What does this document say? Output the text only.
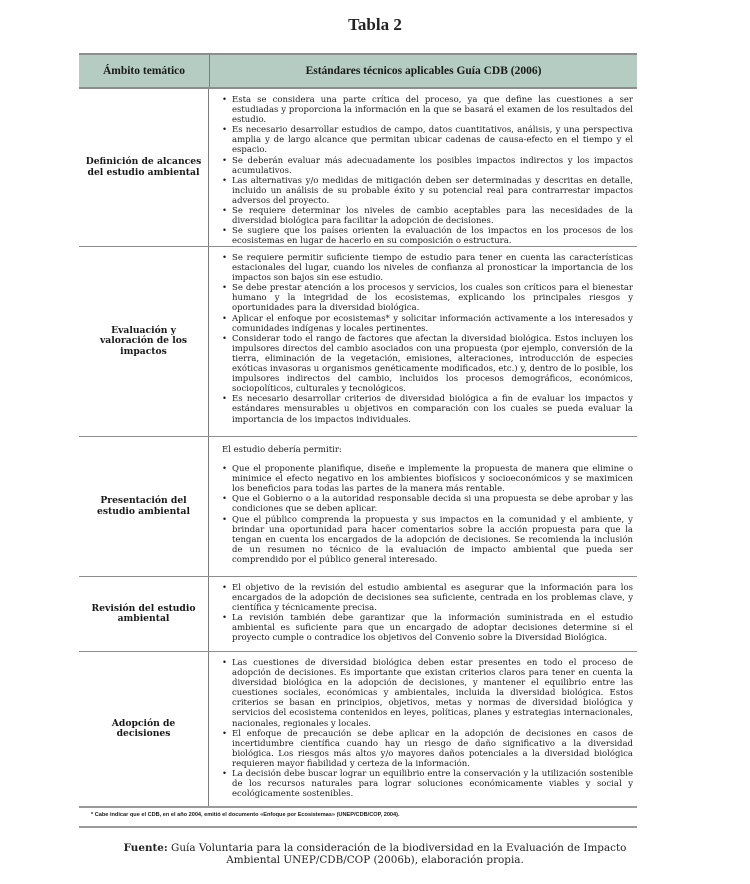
Tabla 2
Ámbito temático	Estándares técnicos aplicables Guía CDB (2006)
Definición de alcances del estudio ambiental
• Esta se considera una parte crítica del proceso, ya que define las cuestiones a ser estudiadas y proporciona la información en la que se basará el examen de los resultados del estudio.
• Es necesario desarrollar estudios de campo, datos cuantitativos, análisis, y una perspectiva amplia y de largo alcance que permitan ubicar cadenas de causa-efecto en el tiempo y el espacio.
• Se deberán evaluar más adecuadamente los posibles impactos indirectos y los impactos acumulativos.
• Las alternativas y/o medidas de mitigación deben ser determinadas y descritas en detalle, incluido un análisis de su probable éxito y su potencial real para contrarrestar impactos adversos del proyecto.
• Se requiere determinar los niveles de cambio aceptables para las necesidades de la diversidad biológica para facilitar la adopción de decisiones.
• Se sugiere que los países orienten la evaluación de los impactos en los procesos de los ecosistemas en lugar de hacerlo en su composición o estructura.
Evaluación y valoración de los impactos
• Se requiere permitir suficiente tiempo de estudio para tener en cuenta las características estacionales del lugar, cuando los niveles de confianza al pronosticar la importancia de los impactos son bajos sin ese estudio.
• Se debe prestar atención a los procesos y servicios, los cuales son críticos para el bienestar humano y la integridad de los ecosistemas, explicando los principales riesgos y oportunidades para la diversidad biológica.
• Aplicar el enfoque por ecosistemas* y solicitar información activamente a los interesados y comunidades indígenas y locales pertinentes.
• Considerar todo el rango de factores que afectan la diversidad biológica. Estos incluyen los impulsores directos del cambio asociados con una propuesta (por ejemplo, conversión de la tierra, eliminación de la vegetación, emisiones, alteraciones, introducción de especies exóticas invasoras u organismos genéticamente modificados, etc.) y, dentro de lo posible, los impulsores indirectos del cambio, incluidos los procesos demográficos, económicos, sociopolíticos, culturales y tecnológicos.
• Es necesario desarrollar criterios de diversidad biológica a fin de evaluar los impactos y estándares mensurables u objetivos en comparación con los cuales se pueda evaluar la importancia de los impactos individuales.
Presentación del estudio ambiental
El estudio debería permitir:
• Que el proponente planifique, diseñe e implemente la propuesta de manera que elimine o minimice el efecto negativo en los ambientes biofísicos y socioeconómicos y se maximicen los beneficios para todas las partes de la manera más rentable.
• Que el Gobierno o a la autoridad responsable decida si una propuesta se debe aprobar y las condiciones que se deben aplicar.
• Que el público comprenda la propuesta y sus impactos en la comunidad y el ambiente, y brindar una oportunidad para hacer comentarios sobre la acción propuesta para que la tengan en cuenta los encargados de la adopción de decisiones. Se recomienda la inclusión de un resumen no técnico de la evaluación de impacto ambiental que pueda ser comprendido por el público general interesado.
Revisión del estudio ambiental
• El objetivo de la revisión del estudio ambiental es asegurar que la información para los encargados de la adopción de decisiones sea suficiente, centrada en los problemas clave, y científica y técnicamente precisa.
• La revisión también debe garantizar que la información suministrada en el estudio ambiental es suficiente para que un encargado de adoptar decisiones determine si el proyecto cumple o contradice los objetivos del Convenio sobre la Diversidad Biológica.
Adopción de decisiones
• Las cuestiones de diversidad biológica deben estar presentes en todo el proceso de adopción de decisiones. Es importante que existan criterios claros para tener en cuenta la diversidad biológica en la adopción de decisiones, y mantener el equilibrio entre las cuestiones sociales, económicas y ambientales, incluida la diversidad biológica. Estos criterios se basan en principios, objetivos, metas y normas de diversidad biológica y servicios del ecosistema contenidos en leyes, políticas, planes y estrategias internacionales, nacionales, regionales y locales.
• El enfoque de precaución se debe aplicar en la adopción de decisiones en casos de incertidumbre científica cuando hay un riesgo de daño significativo a la diversidad biológica. Los riesgos más altos y/o mayores daños potenciales a la diversidad biológica requieren mayor fiabilidad y certeza de la información.
• La decisión debe buscar lograr un equilibrio entre la conservación y la utilización sostenible de los recursos naturales para lograr soluciones económicamente viables y social y ecológicamente sostenibles.
* Cabe indicar que el CDB, en el año 2004, emitió el documento «Enfoque por Ecosistemas» (UNEP/CDB/COP, 2004).
Fuente: Guía Voluntaria para la consideración de la biodiversidad en la Evaluación de Impacto
Ambiental UNEP/CDB/COP (2006b), elaboración propia.
